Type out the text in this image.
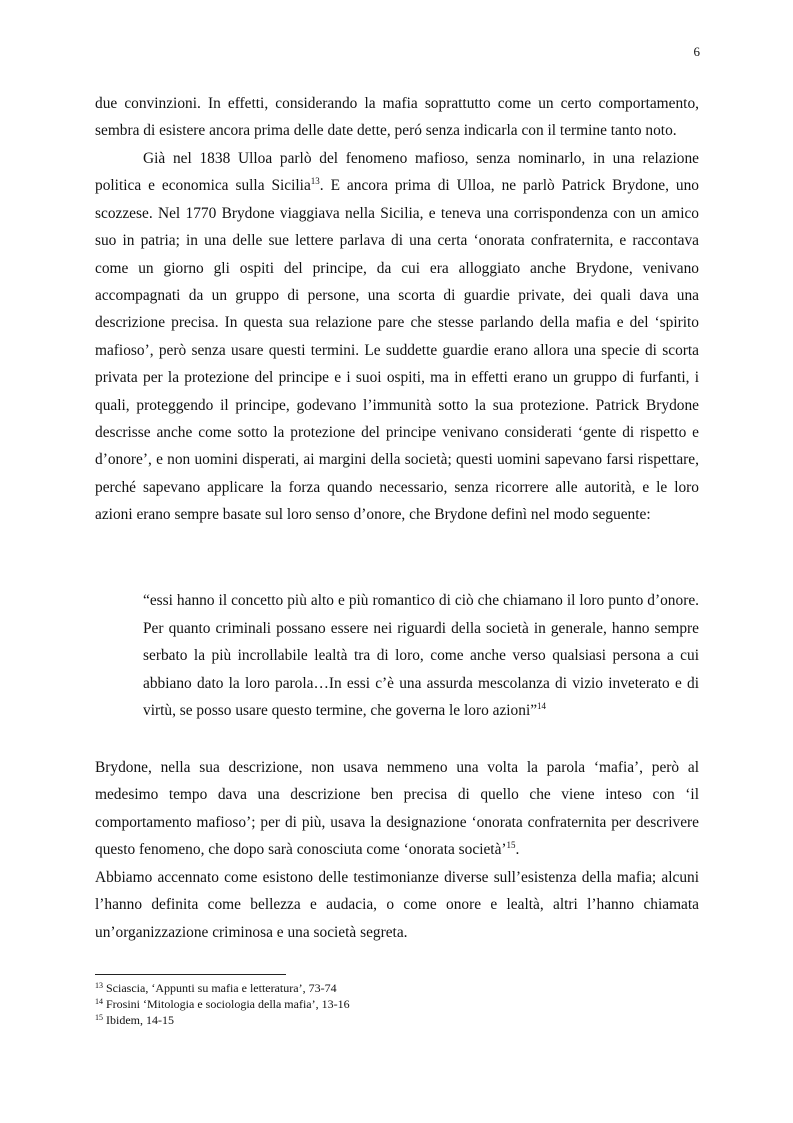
6

due convinzioni. In effetti, considerando la mafia soprattutto come un certo comportamento, sembra di esistere ancora prima delle date dette, peró senza indicarla con il termine tanto noto.

Già nel 1838 Ulloa parlò del fenomeno mafioso, senza nominarlo, in una relazione politica e economica sulla Sicilia$^{13}$. E ancora prima di Ulloa, ne parlò Patrick Brydone, uno scozzese. Nel 1770 Brydone viaggiava nella Sicilia, e teneva una corrispondenza con un amico suo in patria; in una delle sue lettere parlava di una certa ‘onorata confraternita, e raccontava come un giorno gli ospiti del principe, da cui era alloggiato anche Brydone, venivano accompagnati da un gruppo di persone, una scorta di guardie private, dei quali dava una descrizione precisa. In questa sua relazione pare che stesse parlando della mafia e del ‘spirito mafioso’, però senza usare questi termini. Le suddette guardie erano allora una specie di scorta privata per la protezione del principe e i suoi ospiti, ma in effetti erano un gruppo di furfanti, i quali, proteggendo il principe, godevano l’immunità sotto la sua protezione. Patrick Brydone descrisse anche come sotto la protezione del principe venivano considerati ‘gente di rispetto e d’onore’, e non uomini disperati, ai margini della società; questi uomini sapevano farsi rispettare, perché sapevano applicare la forza quando necessario, senza ricorrere alle autorità, e le loro azioni erano sempre basate sul loro senso d’onore, che Brydone definì nel modo seguente:

“essi hanno il concetto più alto e più romantico di ciò che chiamano il loro punto d’onore. Per quanto criminali possano essere nei riguardi della società in generale, hanno sempre serbato la più incrollabile lealtà tra di loro, come anche verso qualsiasi persona a cui abbiano dato la loro parola…In essi c’è una assurda mescolanza di vizio inveterato e di virtù, se posso usare questo termine, che governa le loro azioni”$^{14}$

Brydone, nella sua descrizione, non usava nemmeno una volta la parola ‘mafia’, però al medesimo tempo dava una descrizione ben precisa di quello che viene inteso con ‘il comportamento mafioso’; per di più, usava la designazione ‘onorata confraternita per descrivere questo fenomeno, che dopo sarà conosciuta come ‘onorata società’$^{15}$.

Abbiamo accennato come esistono delle testimonianze diverse sull’esistenza della mafia; alcuni l’hanno definita come bellezza e audacia, o come onore e lealtà, altri l’hanno chiamata un’organizzazione criminosa e una società segreta.

$^{13}$ Sciascia, ‘Appunti su mafia e letteratura’, 73-74
$^{14}$ Frosini ‘Mitologia e sociologia della mafia’, 13-16
$^{15}$ Ibidem, 14-15
